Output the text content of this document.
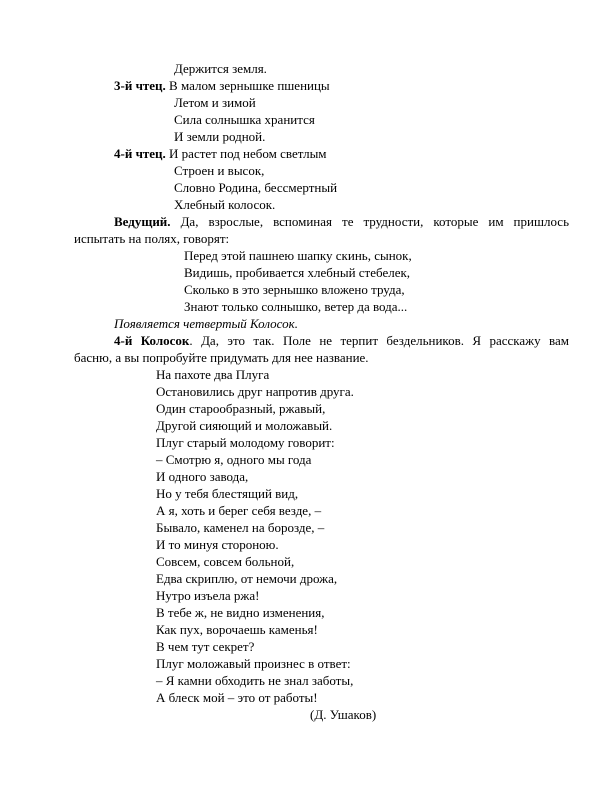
Держится земля.
3-й чтец. В малом зернышке пшеницы
Летом и зимой
Сила солнышка хранится
И земли родной.
4-й чтец. И растет под небом светлым
Строен и высок,
Словно Родина, бессмертный
Хлебный колосок.
Ведущий. Да, взрослые, вспоминая те трудности, которые им пришлось
испытать на полях, говорят:
Перед этой пашнею шапку скинь, сынок,
Видишь, пробивается хлебный стебелек,
Сколько в это зернышко вложено труда,
Знают только солнышко, ветер да вода...
Появляется четвертый Колосок.
4-й Колосок. Да, это так. Поле не терпит бездельников. Я расскажу вам
басню, а вы попробуйте придумать для нее название.
На пахоте два Плуга
Остановились друг напротив друга.
Один старообразный, ржавый,
Другой сияющий и моложавый.
Плуг старый молодому говорит:
– Смотрю я, одного мы года
И одного завода,
Но у тебя блестящий вид,
А я, хоть и берег себя везде, –
Бывало, каменел на борозде, –
И то минуя стороною.
Совсем, совсем больной,
Едва скриплю, от немочи дрожа,
Нутро изъела ржа!
В тебе ж, не видно изменения,
Как пух, ворочаешь каменья!
В чем тут секрет?
Плуг моложавый произнес в ответ:
– Я камни обходить не знал заботы,
А блеск мой – это от работы!
(Д. Ушаков)
